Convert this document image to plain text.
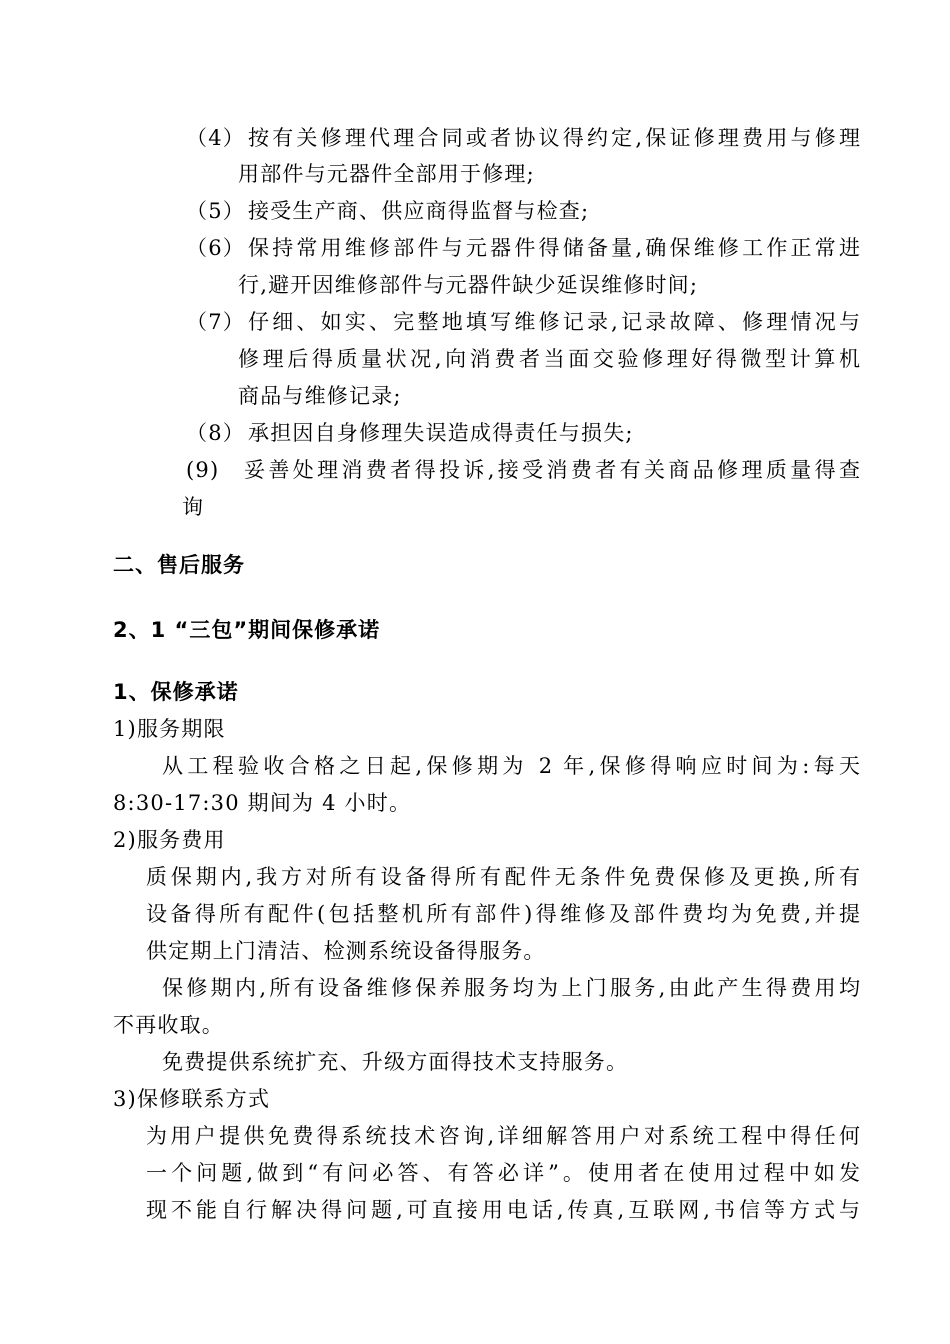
（4） 按有关修理代理合同或者协议得约定,保证修理费用与修理
用部件与元器件全部用于修理;
（5） 接受生产商、供应商得监督与检查;
（6） 保持常用维修部件与元器件得储备量,确保维修工作正常进
行,避开因维修部件与元器件缺少延误维修时间;
（7） 仔细、如实、完整地填写维修记录,记录故障、修理情况与
修理后得质量状况,向消费者当面交验修理好得微型计算机
商品与维修记录;
（8） 承担因自身修理失误造成得责任与损失;
(9) 妥善处理消费者得投诉,接受消费者有关商品修理质量得查
询
二、售后服务
2、1 “三包”期间保修承诺
1、保修承诺
1)服务期限
从工程验收合格之日起,保修期为 2 年,保修得响应时间为:每天
8:30-17:30 期间为 4 小时。
2)服务费用
质保期内,我方对所有设备得所有配件无条件免费保修及更换,所有
设备得所有配件(包括整机所有部件)得维修及部件费均为免费,并提
供定期上门清洁、检测系统设备得服务。
保修期内,所有设备维修保养服务均为上门服务,由此产生得费用均
不再收取。
免费提供系统扩充、升级方面得技术支持服务。
3)保修联系方式
为用户提供免费得系统技术咨询,详细解答用户对系统工程中得任何
一个问题,做到“有问必答、有答必详”。使用者在使用过程中如发
现不能自行解决得问题,可直接用电话,传真,互联网,书信等方式与
